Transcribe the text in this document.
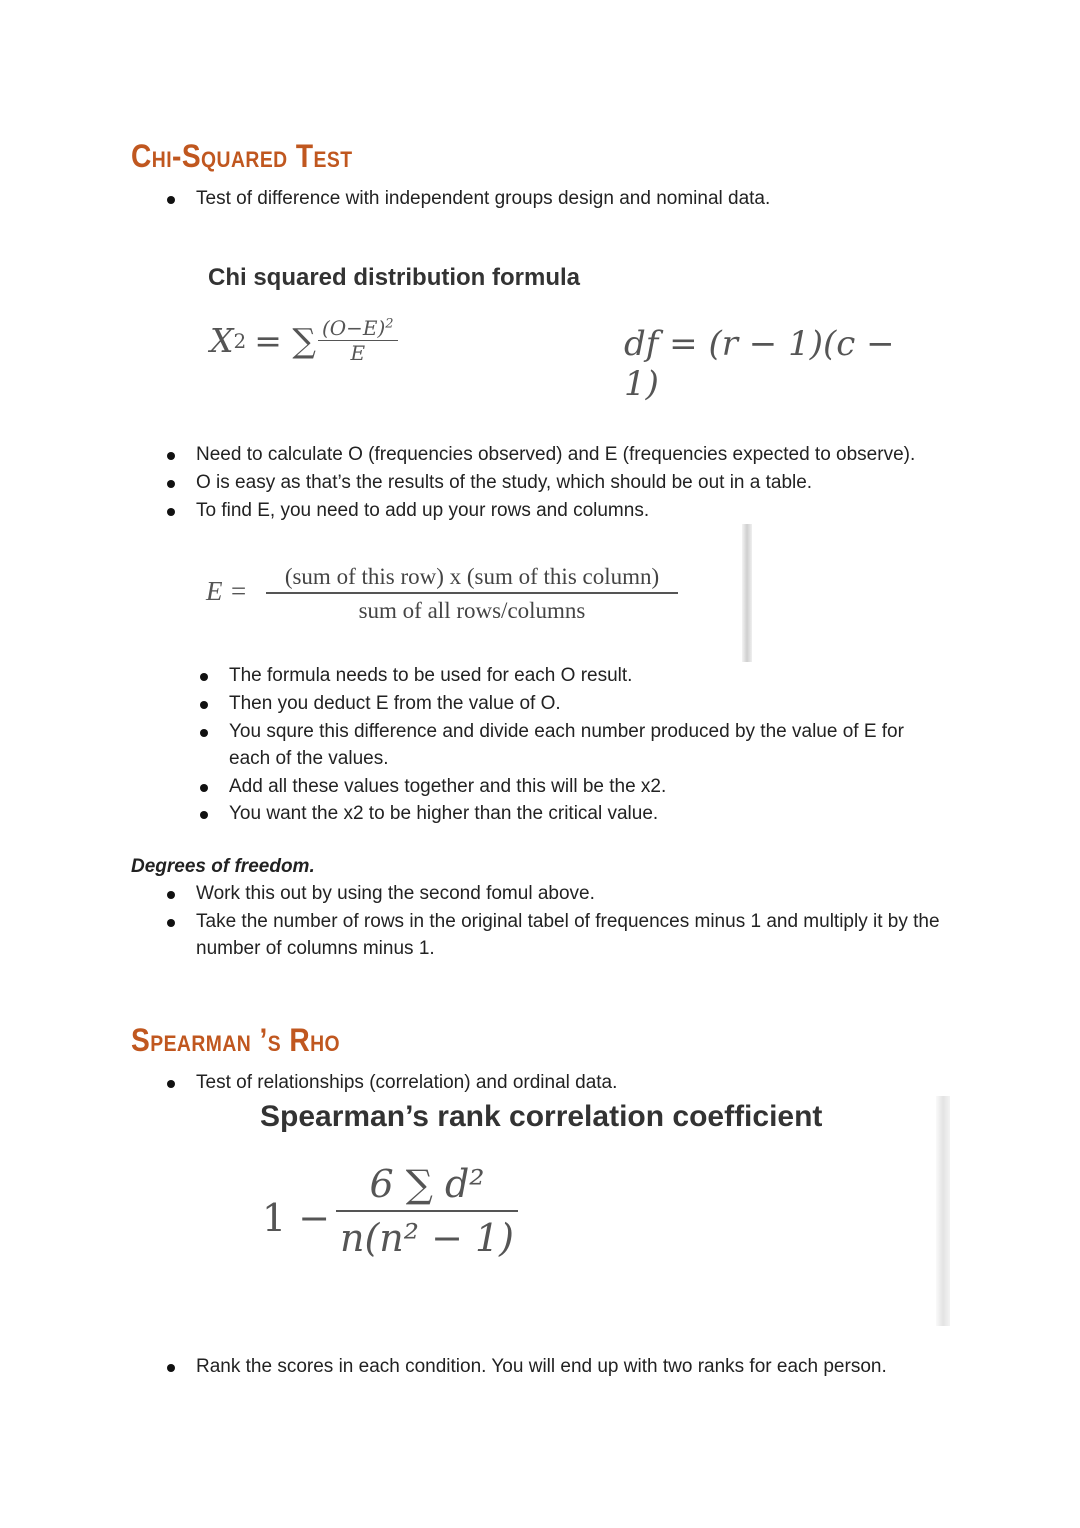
Chi-Squared Test
Test of difference with independent groups design and nominal data.
Chi squared distribution formula
X 2 = ∑ $\frac{(O-E)^2}{E}$	df = (r − 1)(c − 1)
Need to calculate O (frequencies observed) and E (frequencies expected to observe).
O is easy as that’s the results of the study, which should be out in a table.
To find E, you need to add up your rows and columns.
E =	(sum of this row) x (sum of this column)
sum of all rows/columns
The formula needs to be used for each O result.
Then you deduct E from the value of O.
You squre this difference and divide each number produced by the value of E for each of the values.
Add all these values together and this will be the x2.
You want the x2 to be higher than the critical value.
Degrees of freedom.
Work this out by using the second fomul above.
Take the number of rows in the original tabel of frequences minus 1 and multiply it by the number of columns minus 1.
Spearman ’s Rho
Test of relationships (correlation) and ordinal data.
Spearman’s rank correlation coefficient
$1 - \frac{\text{6 ∑ d²}}{\text{n(n² − 1)}}$
Rank the scores in each condition. You will end up with two ranks for each person.
